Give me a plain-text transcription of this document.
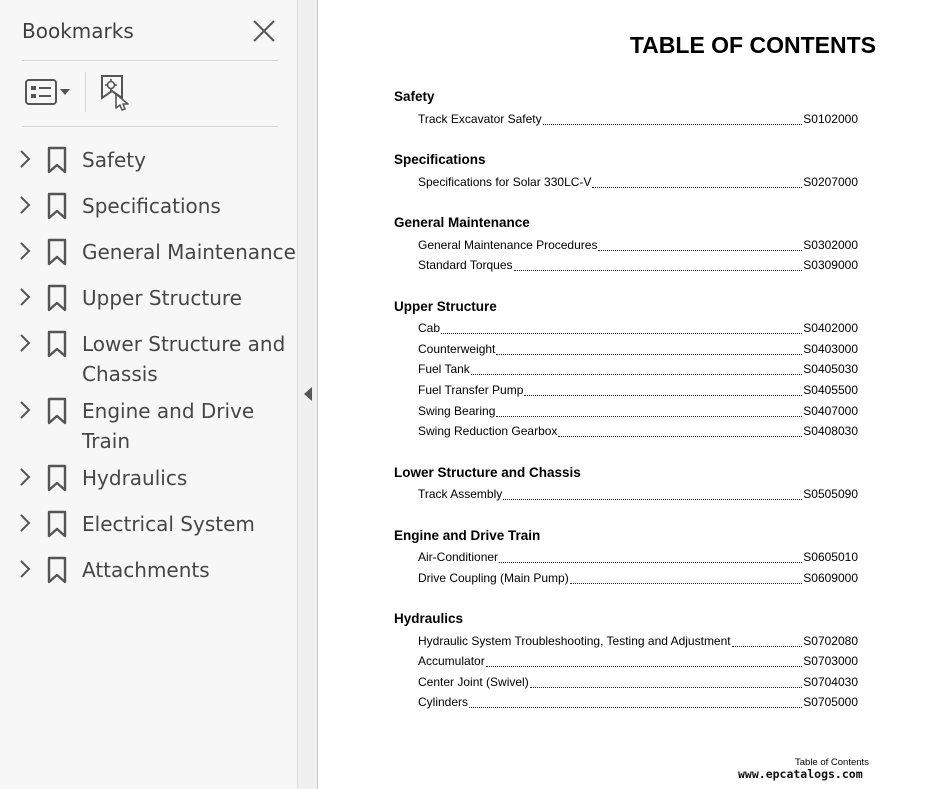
Bookmarks
Safety
Specifications
General Maintenance
Upper Structure
Lower Structure and Chassis
Engine and Drive Train
Hydraulics
Electrical System
Attachments
TABLE OF CONTENTS
Safety
Track Excavator Safety	S0102000
Specifications
Specifications for Solar 330LC-V	S0207000
General Maintenance
General Maintenance Procedures	S0302000
Standard Torques	S0309000
Upper Structure
Cab	S0402000
Counterweight	S0403000
Fuel Tank	S0405030
Fuel Transfer Pump	S0405500
Swing Bearing	S0407000
Swing Reduction Gearbox	S0408030
Lower Structure and Chassis
Track Assembly	S0505090
Engine and Drive Train
Air-Conditioner	S0605010
Drive Coupling (Main Pump)	S0609000
Hydraulics
Hydraulic System Troubleshooting, Testing and Adjustment	S0702080
Accumulator	S0703000
Center Joint (Swivel)	S0704030
Cylinders	S0705000
Table of Contents
www.epcatalogs.com
